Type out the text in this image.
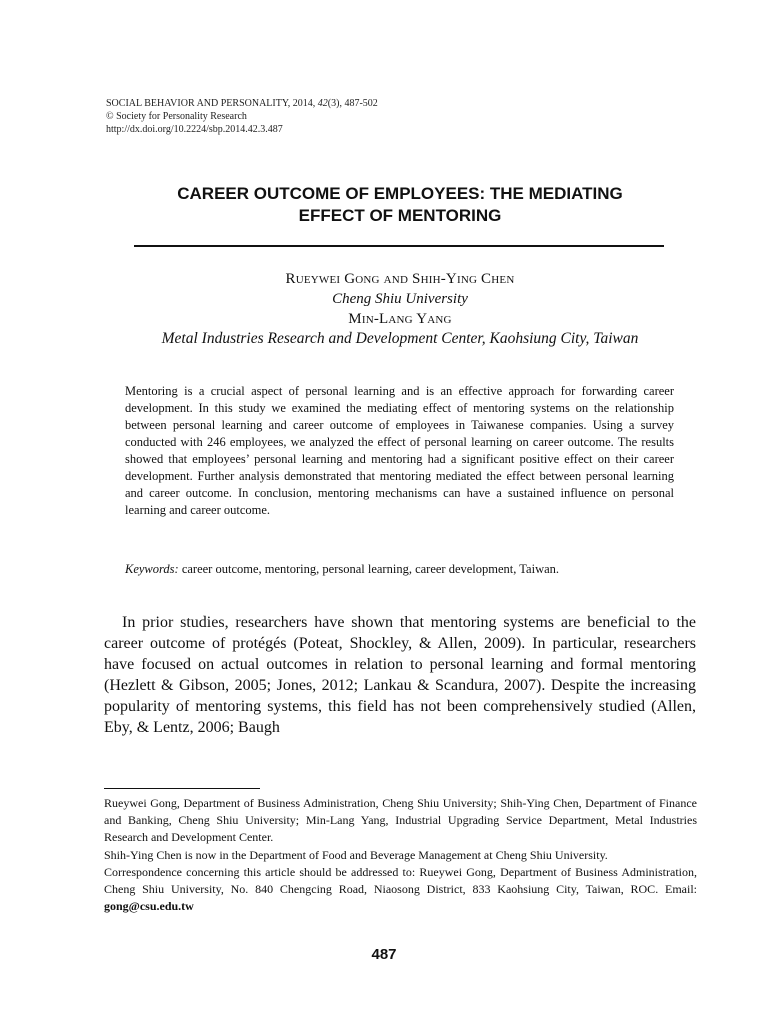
SOCIAL BEHAVIOR AND PERSONALITY, 2014, 42(3), 487-502
© Society for Personality Research
http://dx.doi.org/10.2224/sbp.2014.42.3.487
CAREER OUTCOME OF EMPLOYEES: THE MEDIATING
EFFECT OF MENTORING
Rueywei Gong and Shih-Ying Chen
Cheng Shiu University
Min-Lang Yang
Metal Industries Research and Development Center, Kaohsiung City, Taiwan
Mentoring is a crucial aspect of personal learning and is an effective approach for forwarding career development. In this study we examined the mediating effect of mentoring systems on the relationship between personal learning and career outcome of employees in Taiwanese companies. Using a survey conducted with 246 employees, we analyzed the effect of personal learning on career outcome. The results showed that employees’ personal learning and mentoring had a significant positive effect on their career development. Further analysis demonstrated that mentoring mediated the effect between personal learning and career outcome. In conclusion, mentoring mechanisms can have a sustained influence on personal learning and career outcome.
Keywords: career outcome, mentoring, personal learning, career development, Taiwan.
In prior studies, researchers have shown that mentoring systems are beneficial to the career outcome of protégés (Poteat, Shockley, & Allen, 2009). In particular, researchers have focused on actual outcomes in relation to personal learning and formal mentoring (Hezlett & Gibson, 2005; Jones, 2012; Lankau & Scandura, 2007). Despite the increasing popularity of mentoring systems, this field has not been comprehensively studied (Allen, Eby, & Lentz, 2006; Baugh

Rueywei Gong, Department of Business Administration, Cheng Shiu University; Shih-Ying Chen, Department of Finance and Banking, Cheng Shiu University; Min-Lang Yang, Industrial Upgrading Service Department, Metal Industries Research and Development Center.

Shih-Ying Chen is now in the Department of Food and Beverage Management at Cheng Shiu University.

Correspondence concerning this article should be addressed to: Rueywei Gong, Department of Business Administration, Cheng Shiu University, No. 840 Chengcing Road, Niaosong District, 833 Kaohsiung City, Taiwan, ROC. Email: gong@csu.edu.tw

487
